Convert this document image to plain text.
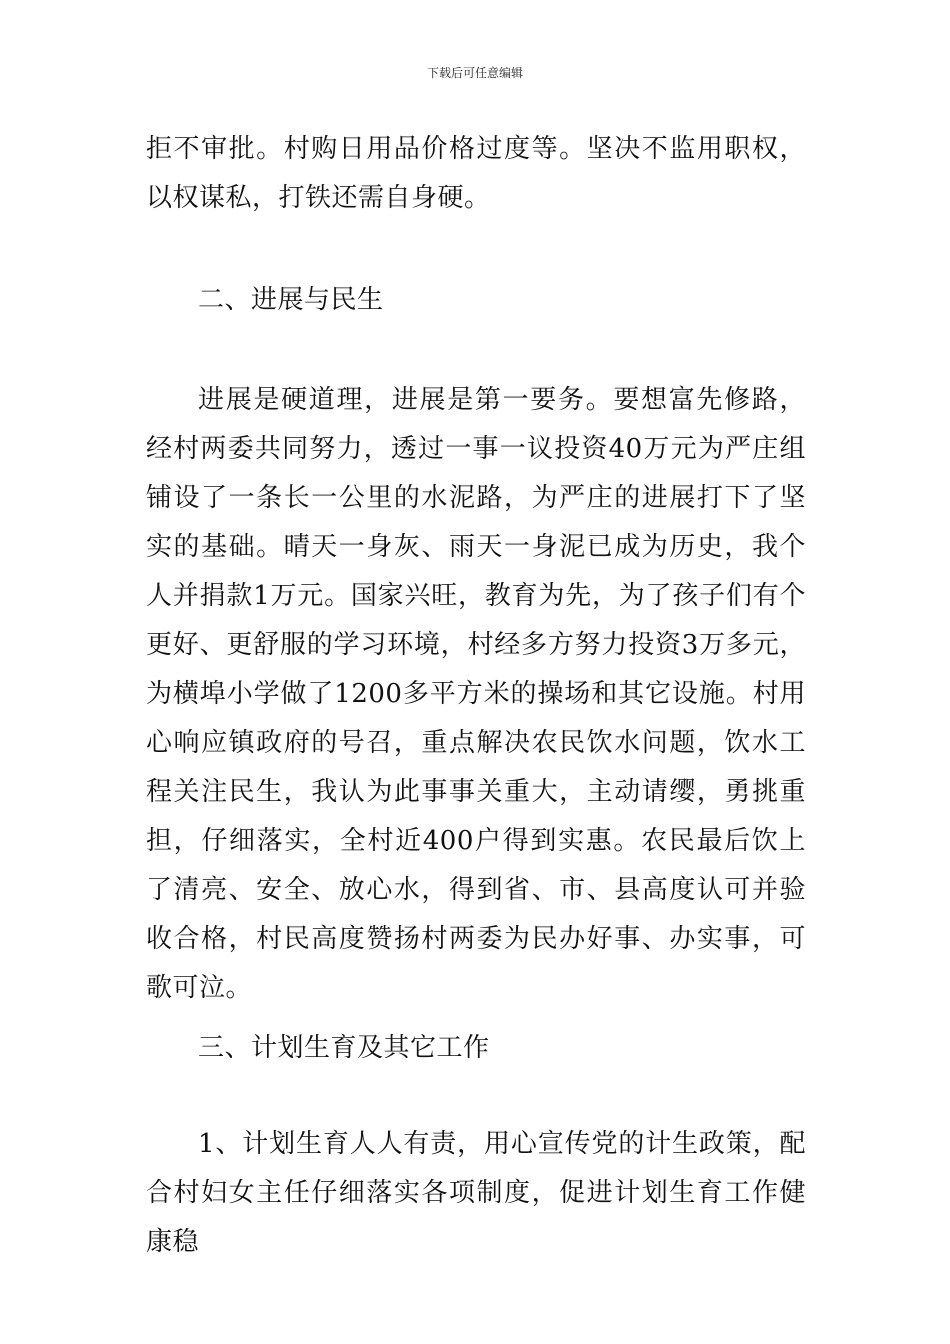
下载后可任意编辑

拒不审批。村购日用品价格过度等。坚决不监用职权，以权谋私，打铁还需自身硬。

二、进展与民生

进展是硬道理，进展是第一要务。要想富先修路，经村两委共同努力，透过一事一议投资40万元为严庄组铺设了一条长一公里的水泥路，为严庄的进展打下了坚实的基础。晴天一身灰、雨天一身泥已成为历史，我个人并捐款1万元。国家兴旺，教育为先，为了孩子们有个更好、更舒服的学习环境，村经多方努力投资3万多元，为横埠小学做了1200多平方米的操场和其它设施。村用心响应镇政府的号召，重点解决农民饮水问题，饮水工程关注民生，我认为此事事关重大，主动请缨，勇挑重担，仔细落实，全村近400户得到实惠。农民最后饮上了清亮、安全、放心水，得到省、市、县高度认可并验收合格，村民高度赞扬村两委为民办好事、办实事，可歌可泣。

三、计划生育及其它工作

1、计划生育人人有责，用心宣传党的计生政策，配合村妇女主任仔细落实各项制度，促进计划生育工作健康稳
